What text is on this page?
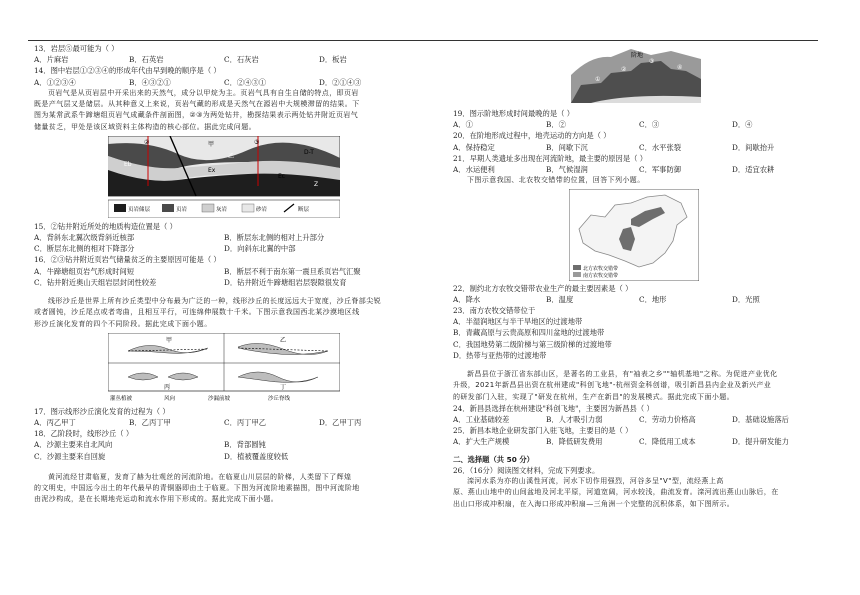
13．岩层⑤最可能为（ ）
A．片麻岩	B．石英岩	C．石灰岩	D．板岩
14．图中岩层①②③④的形成年代由早到晚的顺序是（ ）
A．①②③④	B．④③②①	C．②④③①	D．②①④③
页岩气是从页岩层中开采出来的天然气，成分以甲烷为主。页岩气具有自生自储的特点，即页岩
既是产气层又是储层。从其种意义上来说，页岩气藏的形成是天然气在源岩中大规模滞留的结果。下
图为某常武系牛蹄塘组页岩气成藏条件剖面图，②③为两处钻井，勘探结果表示两处钻井附近页岩气
储量贫乏，甲处是该区域资料主体构造的核心部位。据此完成问题。
②	③
甲
乙
D-T
Z
Eb
Ex
Ec
页岩储层	页岩	灰岩	砂岩	断层
15．②钻井附近所处的地质构造位置是（ ）
A．背斜东北翼次级背斜近核部	B．断层东北侧的相对上升部分
C．断层东北侧的相对下降部分	D．向斜东北翼的中部
16．②③钻井附近页岩气储量贫乏的主要原因可能是（ ）
A．牛蹄塘组页岩气形成时间短	B．断层不利于南东第一震旦系页岩气汇聚
C．钻井附近奥山天组岩层封闭性较差	D．钻井附近牛蹄塘组岩层裂隙很发育
线形沙丘是世界上所有沙丘类型中分布最为广泛的一种，线形沙丘的长度远远大于宽度，沙丘脊部尖锐
或者圆钝，沙丘尾点或者弯曲，且相互平行，可连绵伸展数十千米。下图示意我国西北某沙漠地区线
形沙丘演化发育的四个不同阶段。据此完成下面小题。
甲	乙
丙	丁
灌丛植被	风向	沙漏前坡	沙丘脊线
17．图示线形沙丘演化发育的过程为（ ）
A．丙乙甲丁	B．乙丙丁甲	C．丙丁甲乙	D．乙甲丁丙
18．乙阶段时，线形沙丘（ ）
A．沙源主要来自北风向	B．背部圆钝
C．沙源主要来自回旋	D．植被覆盖度较低
黄河流经甘肃临夏，发育了赫为壮观丝的河流阶地。在临夏山川层层的阶梯，人类留下了辉煌
的文明史，中国远今出土的年代最早的青铜器即由土于临夏。下图为河流阶地素描图，图中河流阶地
由泥沙构成，是在长期地壳运动和流水作用下形成的。据此完成下面小题。
阶地
①
②
③
④
19．图示阶地形成时间最晚的是（ ）
A．①	B．②	C．③	D．④
20．在阶地形成过程中，地壳运动的方向是（ ）
A．保持稳定	B．间歇下沉	C．水平张裂	D．间歇抬升
21．早期人类遗址多出现在河流阶地，最主要的原因是（ ）
A．水运便利	B．气候湿润	C．军事防御	D．适宜农耕
下图示意我国、北农牧交错带的位置，回答下列小题。
北方农牧交错带
南方农牧交错带
22．制约北方农牧交错带农业生产的最主要因素是（ ）
A．降水	B．温度	C．地形	D．光照
23．南方农牧交错带位于
A．半湿润地区与半干旱地区的过渡地带
B．青藏高原与云贵高原和四川盆地的过渡地带
C．我国地势第二级阶梯与第三级阶梯的过渡地带
D．热带与亚热带的过渡地带
新昌县位于浙江省东部山区，是著名的工业县，有"袖表之乡""轴机基地"之称。为促进产业优化
升级，2021年新昌县出资在杭州建成"科创飞地"-杭州资金科创谱，吸引新昌县内企业及新兴产业
的研发部门入驻，实现了"研发在杭州，生产在新昌"的发展模式。据此完成下面小题。
24．新昌县选择在杭州建设"科创飞地"，主要因为新昌县（ ）
A．工业基础较差	B．人才吸引力弱	C．劳动力价格高	D．基础设施落后
25．新昌本地企业研发部门入驻飞地，主要目的是（ ）
A．扩大生产规模	B．降低研发费用	C．降低用工成本	D．提升研发能力
二、选择题（共 50 分）
26．（16分）阅读图文材料，完成下列要求。
滦河水系为亦的山溪性河流，河水下切作用强烈，河谷多呈"V"型，流经燕上高
原、燕山山地中的山间盆地及河北平原，河道宽阔，河水较浅，曲流发育。滦河流出燕山山脉后，在
出山口形成冲积扇，在入海口形成冲积扇—三角洲一个完整的沉积体系，如下图所示。
